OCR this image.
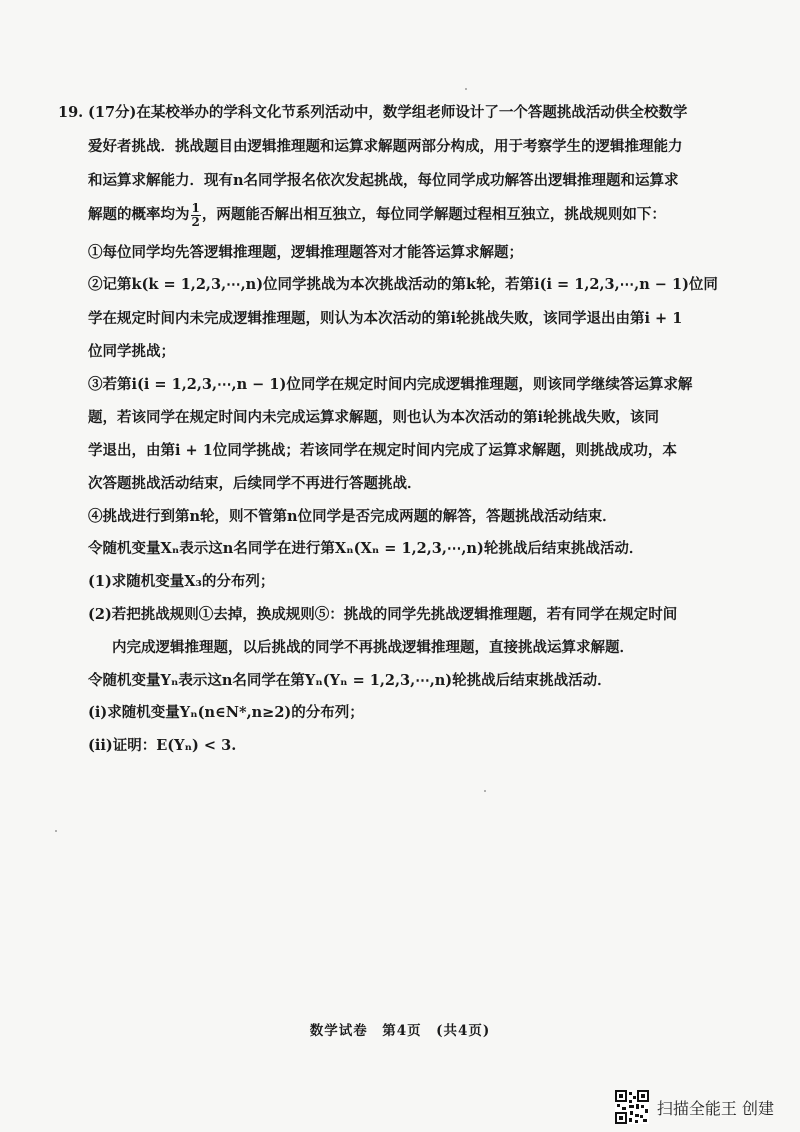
19. (17分)在某校举办的学科文化节系列活动中，数学组老师设计了一个答题挑战活动供全校数学
爱好者挑战．挑战题目由逻辑推理题和运算求解题两部分构成，用于考察学生的逻辑推理能力
和运算求解能力．现有n名同学报名依次发起挑战，每位同学成功解答出逻辑推理题和运算求
解题的概率均为 $\frac{1}{2}$ ，两题能否解出相互独立，每位同学解题过程相互独立，挑战规则如下：
①每位同学均先答逻辑推理题，逻辑推理题答对才能答运算求解题；
②记第k(k = 1,2,3,⋯,n)位同学挑战为本次挑战活动的第k轮，若第i(i = 1,2,3,⋯,n − 1)位同
学在规定时间内未完成逻辑推理题，则认为本次活动的第i轮挑战失败，该同学退出由第i + 1
位同学挑战；
③若第i(i = 1,2,3,⋯,n − 1)位同学在规定时间内完成逻辑推理题，则该同学继续答运算求解
题，若该同学在规定时间内未完成运算求解题，则也认为本次活动的第i轮挑战失败，该同
学退出，由第i + 1位同学挑战；若该同学在规定时间内完成了运算求解题，则挑战成功，本
次答题挑战活动结束，后续同学不再进行答题挑战．
④挑战进行到第n轮，则不管第n位同学是否完成两题的解答，答题挑战活动结束．
令随机变量Xₙ表示这n名同学在进行第Xₙ(Xₙ = 1,2,3,⋯,n)轮挑战后结束挑战活动．
(1)求随机变量X₃的分布列；
(2)若把挑战规则①去掉，换成规则⑤：挑战的同学先挑战逻辑推理题，若有同学在规定时间
内完成逻辑推理题，以后挑战的同学不再挑战逻辑推理题，直接挑战运算求解题．
令随机变量Yₙ表示这n名同学在第Yₙ(Yₙ = 1,2,3,⋯,n)轮挑战后结束挑战活动．
(ⅰ)求随机变量Yₙ(n∈N*,n≥2)的分布列；
(ⅱ)证明：E(Yₙ) < 3.
数学试卷　第4页　(共4页)
扫描全能王 创建
